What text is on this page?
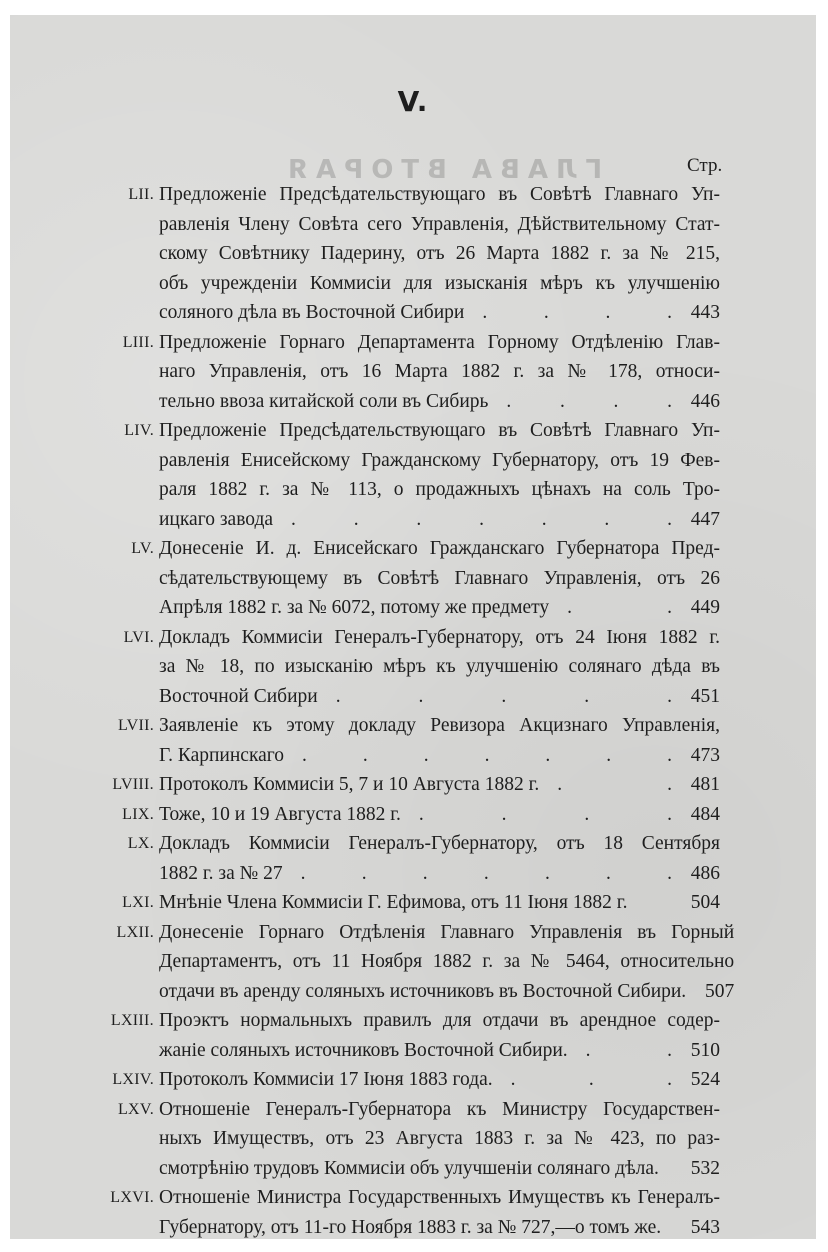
ГЛАВА ВТОРАЯ
V.
Стр.
LII. Предложенiе Предсѣдательствующаго въ Совѣтѣ Главнаго Уп-
равленiя Члену Совѣта сего Управленiя, Дѣйствительному Стат-
скому Совѣтнику Падерину, отъ 26 Марта 1882 г. за № 215,
объ учрежденiи Коммисiи для изысканiя мѣръ къ улучшенiю
соляного дѣла въ Восточной Сибири .	.	.	. 443
LIII. Предложенiе Горнаго Департамента Горному Отдѣленiю Глав-
наго Управленiя, отъ 16 Марта 1882 г. за № 178, относи-
тельно ввоза китайской соли въ Сибирь . . . . 446
LIV. Предложенiе Предсѣдательствующаго въ Совѣтѣ Главнаго Уп-
равленiя Енисейскому Гражданскому Губернатору, отъ 19 Фев-
раля 1882 г. за № 113, о продажныхъ цѣнахъ на соль Тро-
ицкаго завода .	.	.	.	.	.	. 447
LV. Донесенiе И. д. Енисейскаго Гражданскаго Губернатора Пред-
сѣдательствующему въ Совѣтѣ Главнаго Управленiя, отъ 26
Апрѣля 1882 г. за № 6072, потому же предмету .	. 449
LVI. Докладъ Коммисiи Генералъ-Губернатору, отъ 24 Iюня 1882 г.
за № 18, по изысканiю мѣръ къ улучшенiю солянаго дѣда въ
Восточной Сибири .	.	.	.	. 451
LVII. Заявленiе къ этому докладу Ревизора Акцизнаго Управленiя,
Г. Карпинскаго .	.	.	.	.	.	. 473
LVIII. Протоколъ Коммисiи 5, 7 и 10 Августа 1882 г. .	. 481
LIX. Тоже, 10 и 19 Августа 1882 г. .	.	.	. 484
LX. Докладъ Коммисiи Генералъ-Губернатору, отъ 18 Сентября
1882 г. за № 27 .	.	.	.	.	.	. 486
LXI. Мнѣнiе Члена Коммисiи Г. Ефимова, отъ 11 Iюня 1882 г.	504
LXII. Донесенiе Горнаго Отдѣленiя Главнаго Управленiя въ Горный
Департаментъ, отъ 11 Ноября 1882 г. за № 5464, относительно
отдачи въ аренду соляныхъ источниковъ въ Восточной Сибири. 507
LXIII. Проэктъ нормальныхъ правилъ для отдачи въ арендное содер-
жанiе соляныхъ источниковъ Восточной Сибири. .	. 510
LXIV. Протоколъ Коммисiи 17 Iюня 1883 года. .	.	. 524
LXV. Отношенiе Генералъ-Губернатора къ Министру Государствен-
ныхъ Имуществъ, отъ 23 Августа 1883 г. за № 423, по раз-
смотрѣнiю трудовъ Коммисiи объ улучшенiи солянаго дѣла.	532
LXVI. Отношенiе Министра Государственныхъ Имуществъ къ Генералъ-
Губернатору, отъ 11-го Ноября 1883 г. за № 727,—о томъ же.	543
